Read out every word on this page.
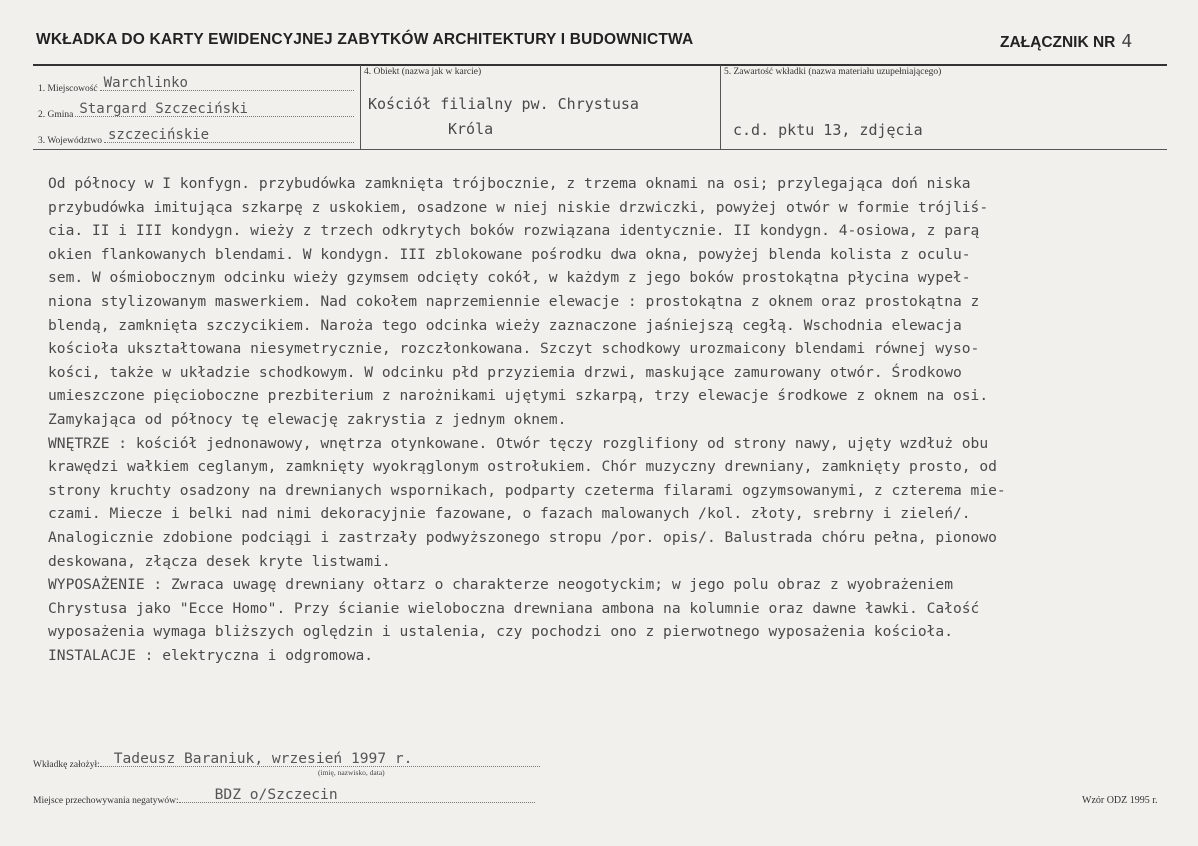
WKŁADKA DO KARTY EWIDENCYJNEJ ZABYTKÓW ARCHITEKTURY I BUDOWNICTWA	ZAŁĄCZNIK NR 4
1. Miejscowość Warchlinko
2. Gmina Stargard Szczeciński
3. Województwo szczecińskie
4. Obiekt (nazwa jak w karcie)
Kościół filialny pw. Chrystusa
Króla
5. Zawartość wkładki (nazwa materiału uzupełniającego)
c.d. pktu 13, zdjęcia
Od północy w I konfygn. przybudówka zamknięta trójbocznie, z trzema oknami na osi; przylegająca doń niska
przybudówka imitująca szkarpę z uskokiem, osadzone w niej niskie drzwiczki, powyżej otwór w formie trójliś-
cia. II i III kondygn. wieży z trzech odkrytych boków rozwiązana identycznie. II kondygn. 4-osiowa, z parą
okien flankowanych blendami. W kondygn. III zblokowane pośrodku dwa okna, powyżej blenda kolista z oculu-
sem. W ośmiobocznym odcinku wieży gzymsem odcięty cokół, w każdym z jego boków prostokątna płycina wypeł-
niona stylizowanym maswerkiem. Nad cokołem naprzemiennie elewacje : prostokątna z oknem oraz prostokątna z
blendą, zamknięta szczycikiem. Naroża tego odcinka wieży zaznaczone jaśniejszą cegłą. Wschodnia elewacja
kościoła ukształtowana niesymetrycznie, rozczłonkowana. Szczyt schodkowy urozmaicony blendami równej wyso-
kości, także w układzie schodkowym. W odcinku płd przyziemia drzwi, maskujące zamurowany otwór. Środkowo
umieszczone pięcioboczne prezbiterium z narożnikami ujętymi szkarpą, trzy elewacje środkowe z oknem na osi.
Zamykająca od północy tę elewację zakrystia z jednym oknem.
WNĘTRZE : kościół jednonawowy, wnętrza otynkowane. Otwór tęczy rozglifiony od strony nawy, ujęty wzdłuż obu
krawędzi wałkiem ceglanym, zamknięty wyokrąglonym ostrołukiem. Chór muzyczny drewniany, zamknięty prosto, od
strony kruchty osadzony na drewnianych wspornikach, podparty czeterma filarami ogzymsowanymi, z czterema mie-
czami. Miecze i belki nad nimi dekoracyjnie fazowane, o fazach malowanych /kol. złoty, srebrny i zieleń/.
Analogicznie zdobione podciągi i zastrzały podwyższonego stropu /por. opis/. Balustrada chóru pełna, pionowo
deskowana, złącza desek kryte listwami.
WYPOSAŻENIE : Zwraca uwagę drewniany ołtarz o charakterze neogotyckim; w jego polu obraz z wyobrażeniem
Chrystusa jako "Ecce Homo". Przy ścianie wieloboczna drewniana ambona na kolumnie oraz dawne ławki. Całość
wyposażenia wymaga bliższych oględzin i ustalenia, czy pochodzi ono z pierwotnego wyposażenia kościoła.
INSTALACJE : elektryczna i odgromowa.
Wkładkę założył: Tadeusz Baraniuk, wrzesień 1997 r.
(imię, nazwisko, data)
Miejsce przechowywania negatywów: BDZ o/Szczecin	Wzór ODZ 1995 r.
